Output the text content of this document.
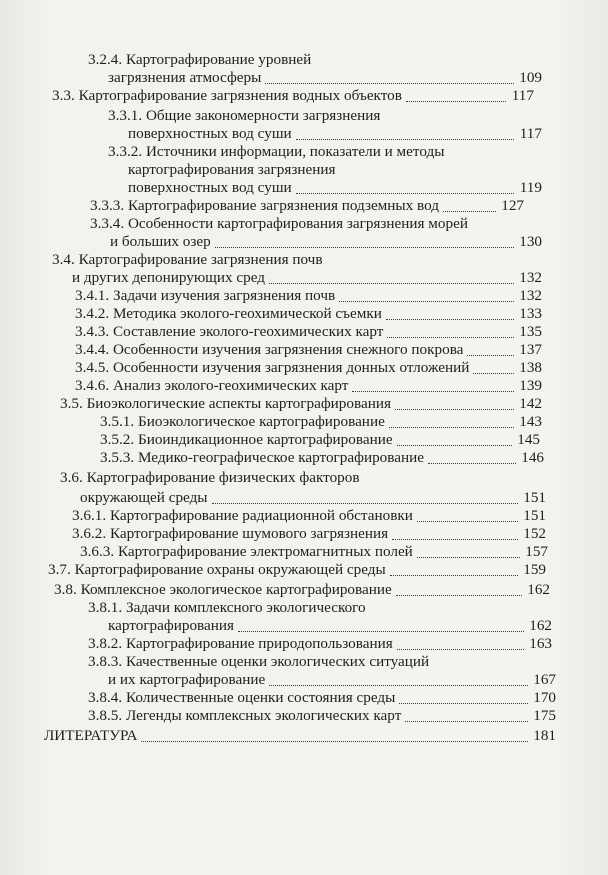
3.2.4. Картографирование уровней
загрязнения атмосферы	109
3.3. Картографирование загрязнения водных объектов	117
3.3.1. Общие закономерности загрязнения
поверхностных вод суши	117
3.3.2. Источники информации, показатели и методы
картографирования загрязнения
поверхностных вод суши	119
3.3.3. Картографирование загрязнения подземных вод	127
3.3.4. Особенности картографирования загрязнения морей
и больших озер	130
3.4. Картографирование загрязнения почв
и других депонирующих сред	132
3.4.1. Задачи изучения загрязнения почв	132
3.4.2. Методика эколого-геохимической съемки	133
3.4.3. Составление эколого-геохимических карт	135
3.4.4. Особенности изучения загрязнения снежного покрова	137
3.4.5. Особенности изучения загрязнения донных отложений	138
3.4.6. Анализ эколого-геохимических карт	139
3.5. Биоэкологические аспекты картографирования	142
3.5.1. Биоэкологическое картографирование	143
3.5.2. Биоиндикационное картографирование	145
3.5.3. Медико-географическое картографирование	146
3.6. Картографирование физических факторов
окружающей среды	151
3.6.1. Картографирование радиационной обстановки	151
3.6.2. Картографирование шумового загрязнения	152
3.6.3. Картографирование электромагнитных полей	157
3.7. Картографирование охраны окружающей среды	159
3.8. Комплексное экологическое картографирование	162
3.8.1. Задачи комплексного экологического
картографирования	162
3.8.2. Картографирование природопользования	163
3.8.3. Качественные оценки экологических ситуаций
и их картографирование	167
3.8.4. Количественные оценки состояния среды	170
3.8.5. Легенды комплексных экологических карт	175
ЛИТЕРАТУРА	181
